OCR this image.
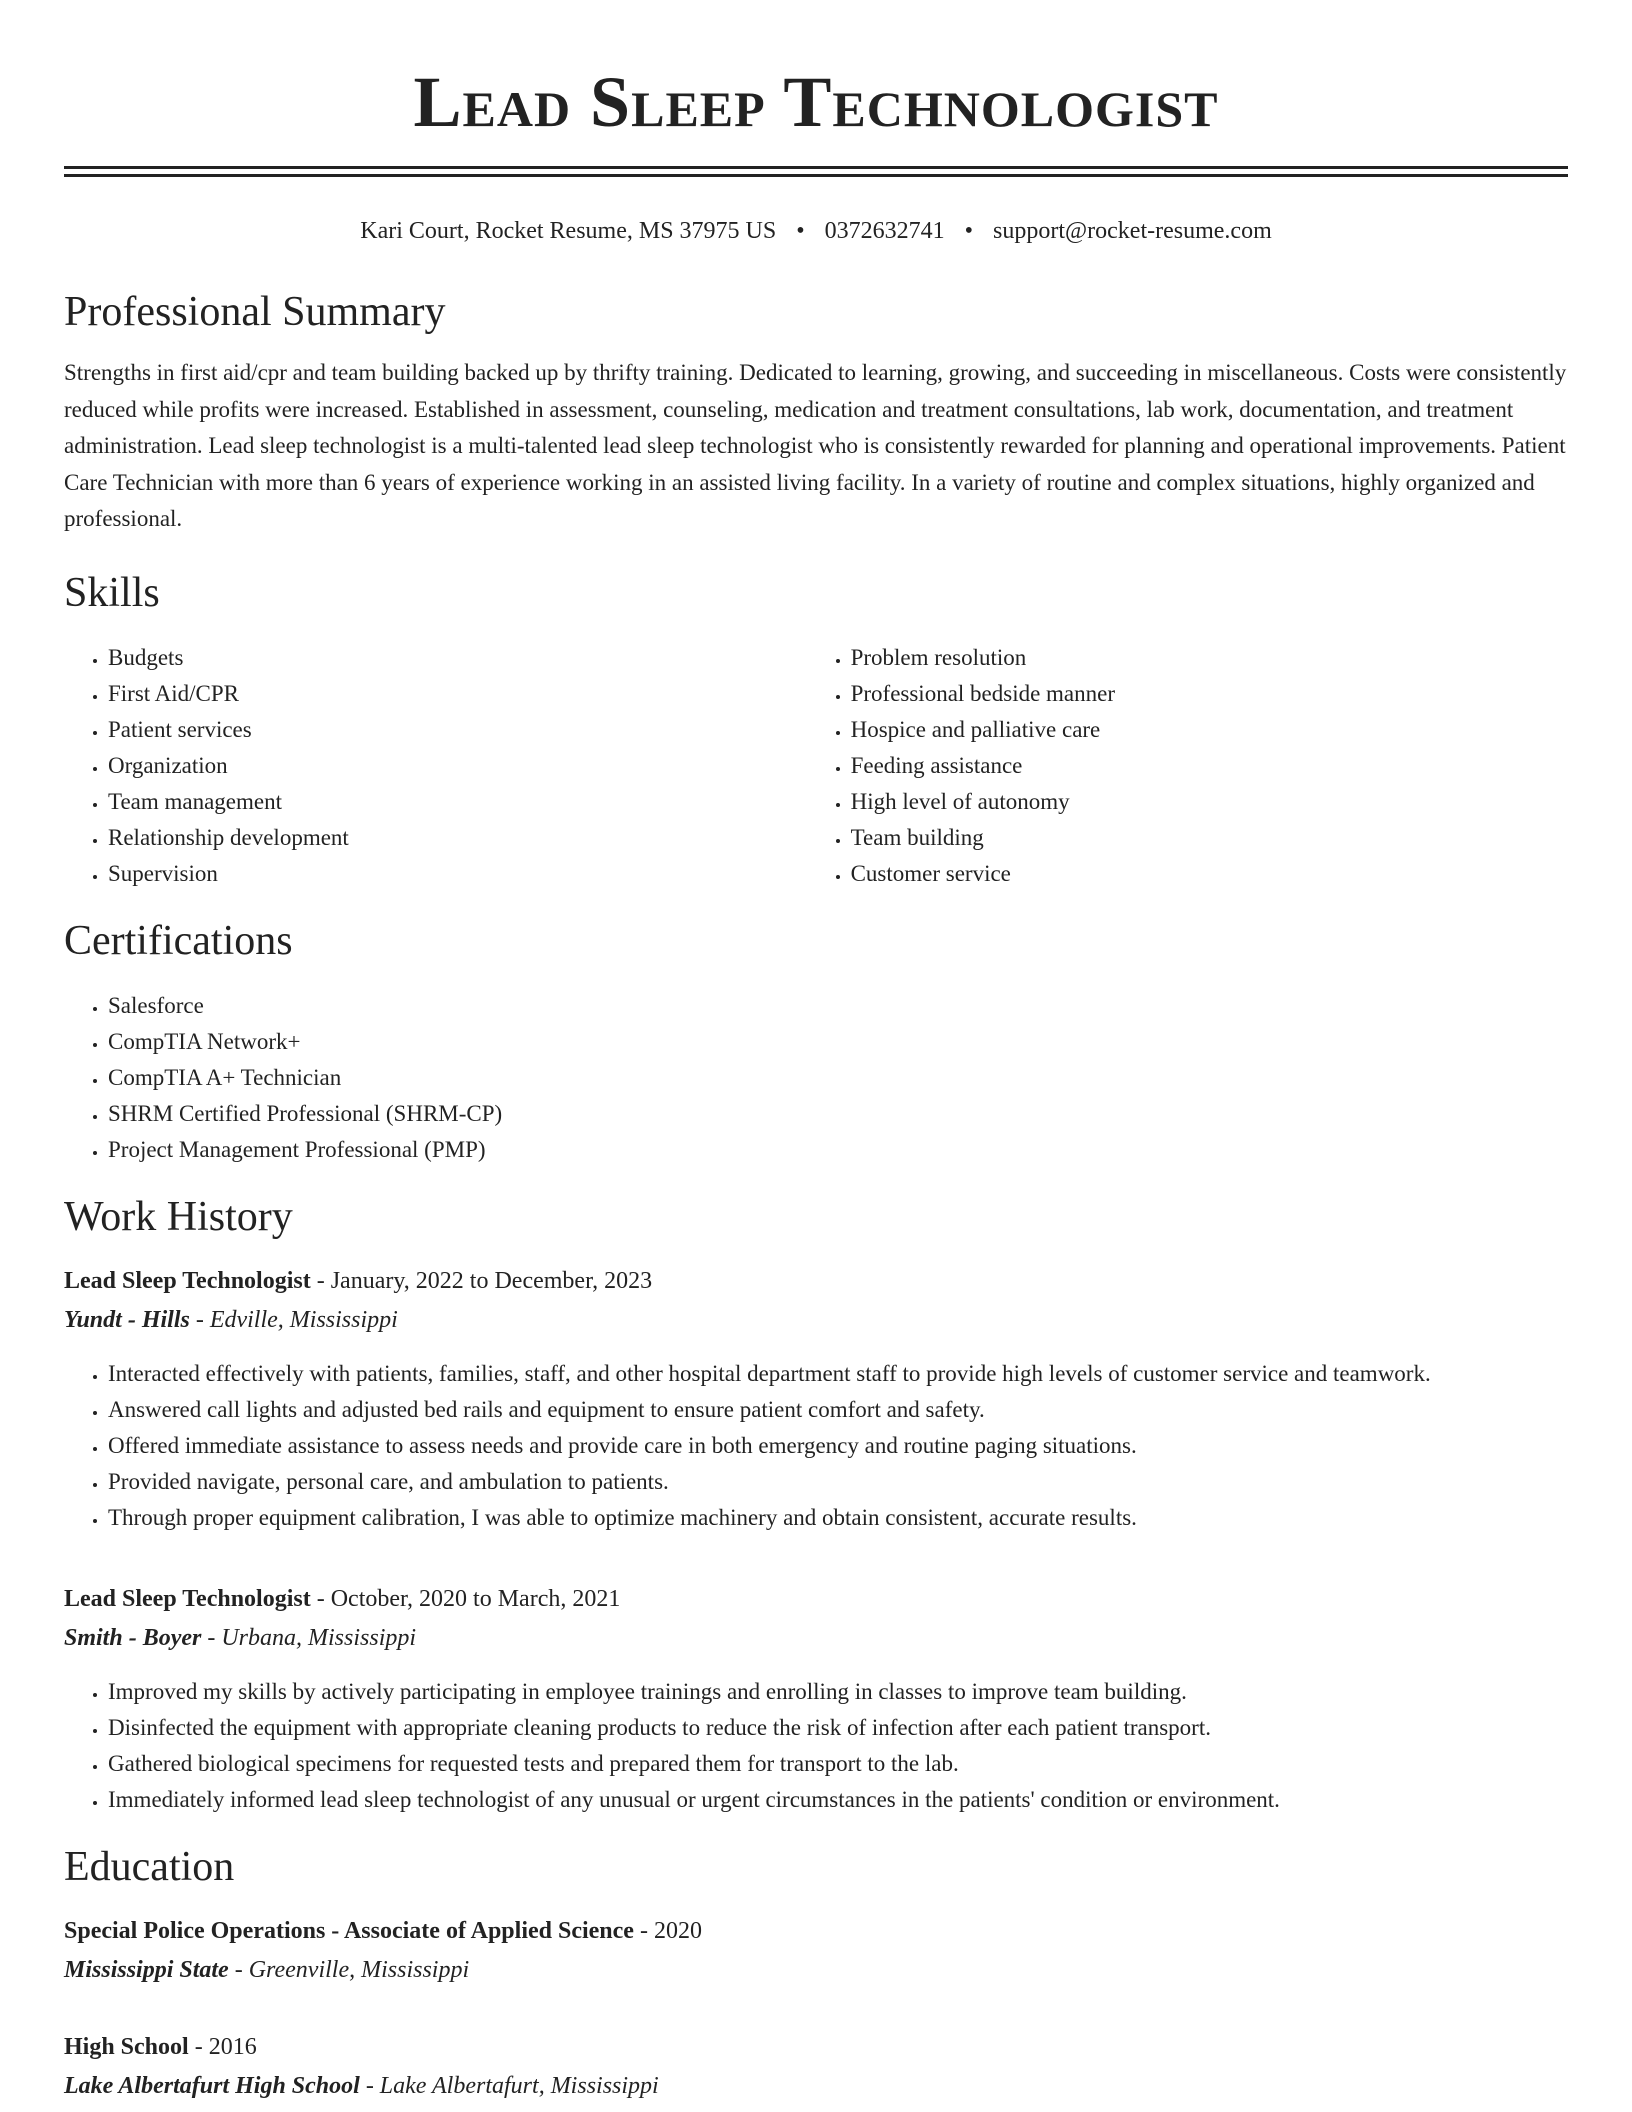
Lead Sleep Technologist
Kari Court, Rocket Resume, MS 37975 US • 0372632741 • support@rocket-resume.com
Professional Summary
Strengths in first aid/cpr and team building backed up by thrifty training. Dedicated to learning, growing, and succeeding in miscellaneous. Costs were consistently reduced while profits were increased. Established in assessment, counseling, medication and treatment consultations, lab work, documentation, and treatment administration. Lead sleep technologist is a multi-talented lead sleep technologist who is consistently rewarded for planning and operational improvements. Patient Care Technician with more than 6 years of experience working in an assisted living facility. In a variety of routine and complex situations, highly organized and professional.
Skills
• Budgets
• First Aid/CPR
• Patient services
• Organization
• Team management
• Relationship development
• Supervision
• Problem resolution
• Professional bedside manner
• Hospice and palliative care
• Feeding assistance
• High level of autonomy
• Team building
• Customer service
Certifications
• Salesforce
• CompTIA Network+
• CompTIA A+ Technician
• SHRM Certified Professional (SHRM-CP)
• Project Management Professional (PMP)
Work History
Lead Sleep Technologist - January, 2022 to December, 2023
Yundt - Hills - Edville, Mississippi
• Interacted effectively with patients, families, staff, and other hospital department staff to provide high levels of customer service and teamwork.
• Answered call lights and adjusted bed rails and equipment to ensure patient comfort and safety.
• Offered immediate assistance to assess needs and provide care in both emergency and routine paging situations.
• Provided navigate, personal care, and ambulation to patients.
• Through proper equipment calibration, I was able to optimize machinery and obtain consistent, accurate results.
Lead Sleep Technologist - October, 2020 to March, 2021
Smith - Boyer - Urbana, Mississippi
• Improved my skills by actively participating in employee trainings and enrolling in classes to improve team building.
• Disinfected the equipment with appropriate cleaning products to reduce the risk of infection after each patient transport.
• Gathered biological specimens for requested tests and prepared them for transport to the lab.
• Immediately informed lead sleep technologist of any unusual or urgent circumstances in the patients' condition or environment.
Education
Special Police Operations - Associate of Applied Science - 2020
Mississippi State - Greenville, Mississippi
High School - 2016
Lake Albertafurt High School - Lake Albertafurt, Mississippi
